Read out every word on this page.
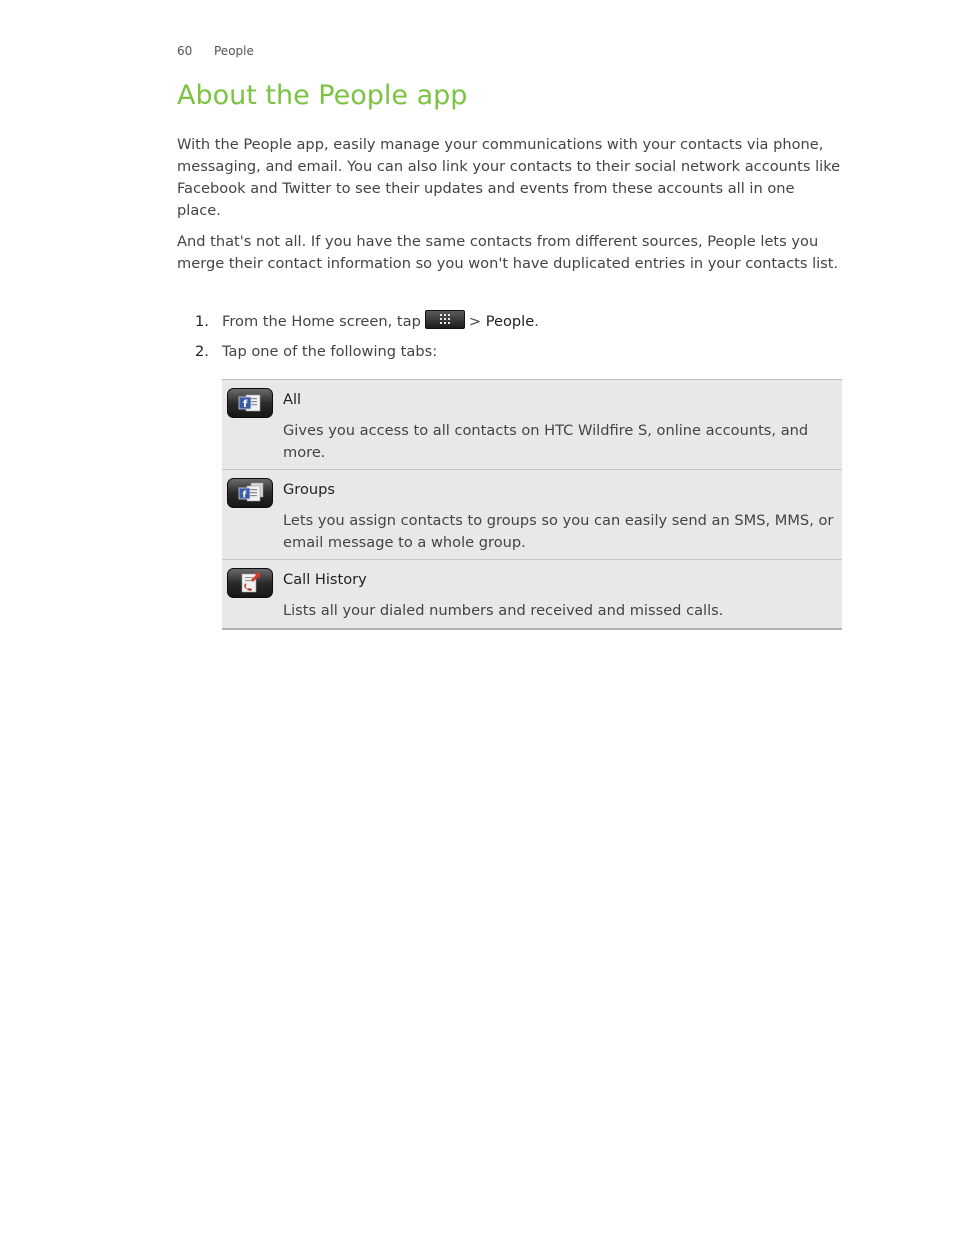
60 People
About the People app

With the People app, easily manage your communications with your contacts via phone, messaging, and email. You can also link your contacts to their social network accounts like Facebook and Twitter to see their updates and events from these accounts all in one place.

And that's not all. If you have the same contacts from different sources, People lets you merge their contact information so you won't have duplicated entries in your contacts list.

1. From the Home screen, tap	> People.
2. Tap one of the following tabs:
f All

Gives you access to all contacts on HTC Wildfire S, online accounts, and more.

f	Groups

Lets you assign contacts to groups so you can easily send an SMS, MMS, or email message to a whole group.

Call History

Lists all your dialed numbers and received and missed calls.
